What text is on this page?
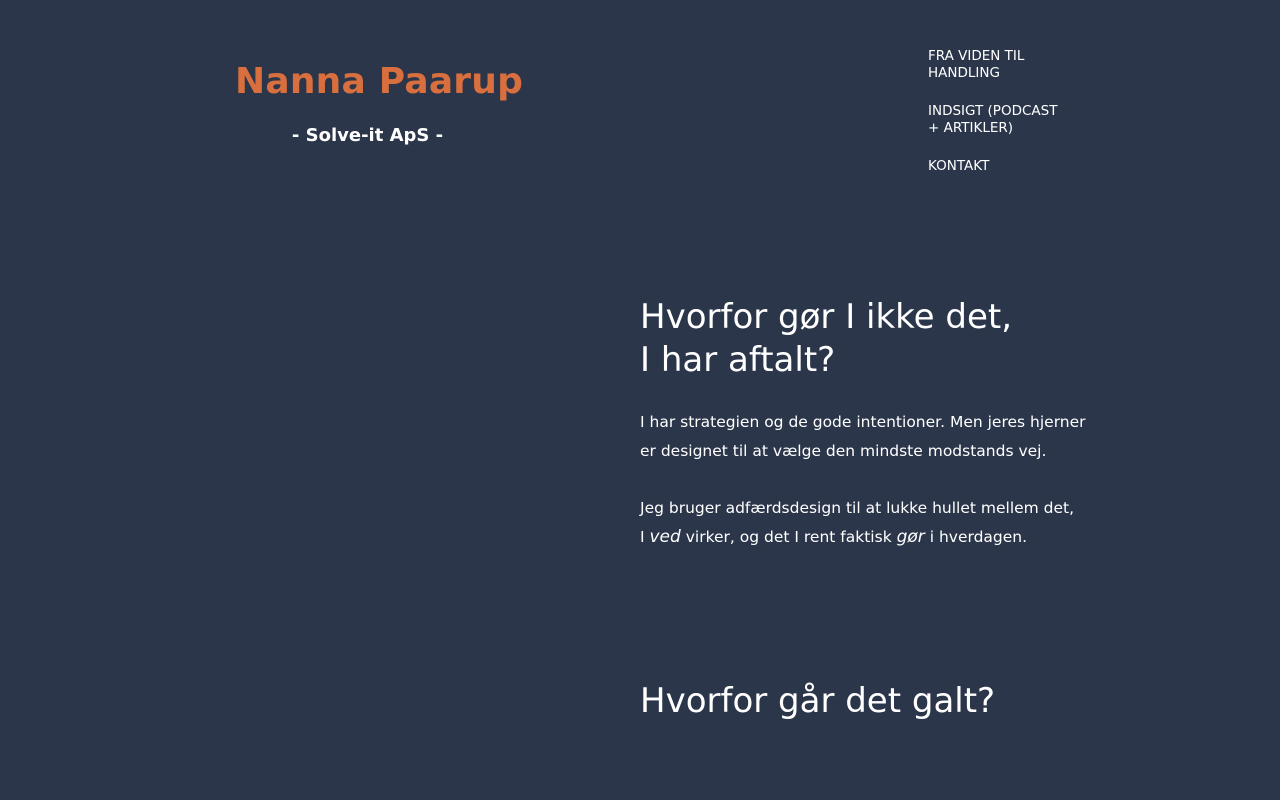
Nanna Paarup

- Solve-it ApS -

FRA VIDEN TIL HANDLING
INDSIGT (PODCAST + ARTIKLER)
KONTAKT
Hvorfor gør I ikke det,
I har aftalt?

I har strategien og de gode intentioner. Men jeres hjerner er designet til at vælge den mindste modstands vej.

Jeg bruger adfærdsdesign til at lukke hullet mellem det,
I ved virker, og det I rent faktisk gør i hverdagen.

Hvorfor går det galt?
